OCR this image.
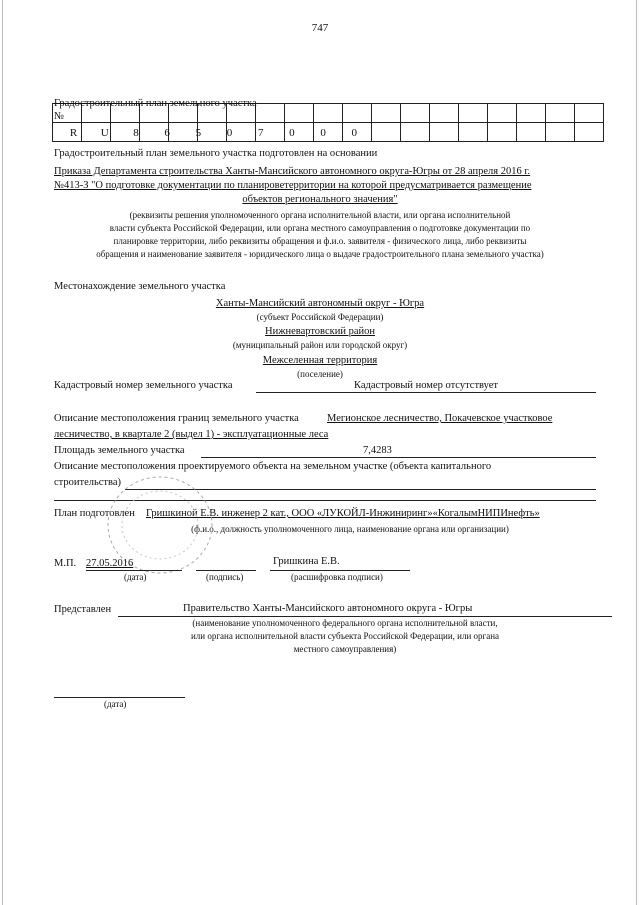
747

Градостроительный план земельного участка
№
R U 8 6 5 0 7 0 0 0
Градостроительный план земельного участка подготовлен на основании
Приказа Департамента строительства Ханты-Мансийского автономного округа-Югры от 28 апреля 2016 г.
№413-З "О подготовке документации по планироветерритории на которой предусматривается размещение
объектов регионального значения"
(реквизиты решения уполномоченного органа исполнительной власти, или органа исполнительной
власти субъекта Российской Федерации, или органа местного самоуправления о подготовке документации по
планировке территории, либо реквизиты обращения и ф.и.о. заявителя - физического лица, либо реквизиты
обращения и наименование заявителя - юридического лица о выдаче градостроительного плана земельного участка)
Местонахождение земельного участка
Ханты-Мансийский автономный округ - Югра
(субъект Российской Федерации)
Нижневартовский район
(муниципальный район или городской округ)
Межселенная территория
(поселение)
Кадастровый номер земельного участка	Кадастровый номер отсутствует
Описание местоположения границ земельного участка	Мегионское лесничество, Покачевское участковое
лесничество, в квартале 2 (выдел 1) - эксплуатационные леса
Площадь земельного участка	7,4283
Описание местоположения проектируемого объекта на земельном участке (объекта капитального
строительства)
План подготовлен Гришкиной Е.В. инженер 2 кат., ООО «ЛУКОЙЛ-Инжиниринг»«КогалымНИПИнефть»
(ф.и.о., должность уполномоченного лица, наименование органа или организации)
М.П. 27.05.2016
(дата)	(подпись)
Гришкина Е.В.
(расшифровка подписи)
Представлен	Правительство Ханты-Мансийского автономного округа - Югры
(наименование уполномоченного федерального органа исполнительной власти,
или органа исполнительной власти субъекта Российской Федерации, или органа
местного самоуправления)
(дата)
